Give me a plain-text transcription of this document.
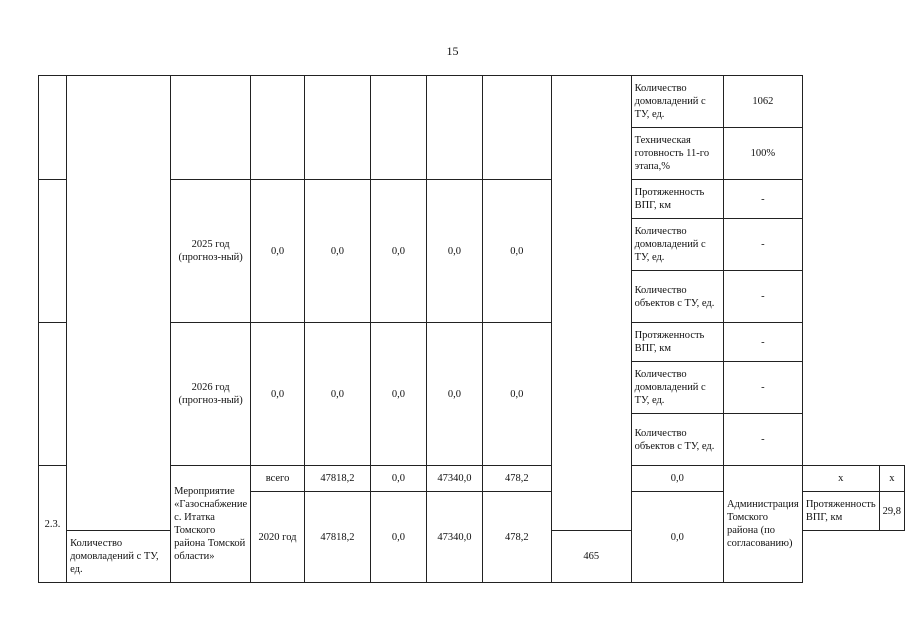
15
									Количество домовладений с ТУ, ед.	1062		
									Техническая готовность 11-го этапа,%	100%		
		2025 год (прогноз-ный)	0,0	0,0	0,0	0,0	0,0		Протяженность ВПГ, км	-		
									Количество домовладений с ТУ, ед.	-		
									Количество объектов с ТУ, ед.	-		
		2026 год (прогноз-ный)	0,0	0,0	0,0	0,0	0,0		Протяженность ВПГ, км	-		
									Количество домовладений с ТУ, ед.	-		
									Количество объектов с ТУ, ед.	-		
2.3.		Мероприятие «Газоснабжение с. Итатка Томского района Томской области»	всего	47818,2	0,0	47340,0	478,2		0,0	Администрация Томского района (по согласованию)	х	х
			2020 год	47818,2	0,0	47340,0	478,2		0,0		Протяженность ВПГ, км	29,8
	Количество домовладений с ТУ, ед.							465				
